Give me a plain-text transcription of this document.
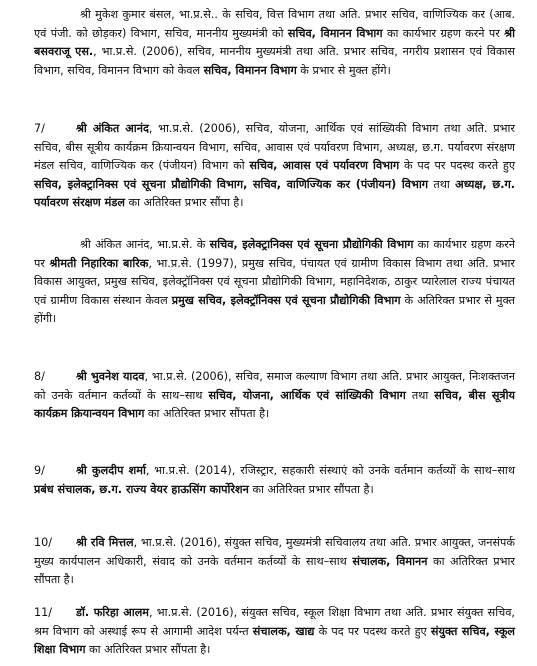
श्री मुकेश कुमार बंसल, भा.प्र.से.. के सचिव, वित्त विभाग तथा अति. प्रभार सचिव, वाणिज्यिक कर (आब. एवं पंजी. को छोड़कर) विभाग, सचिव, माननीय मुख्यमंत्री को सचिव, विमानन विभाग का कार्यभार ग्रहण करने पर श्री बसवराजू एस., भा.प्र.से. (2006), सचिव, माननीय मुख्यमंत्री तथा अति. प्रभार सचिव, नगरीय प्रशासन एवं विकास विभाग, सचिव, विमानन विभाग को केवल सचिव, विमानन विभाग के प्रभार से मुक्त होंगे।

7/	श्री अंकित आनंद, भा.प्र.से. (2006), सचिव, योजना, आर्थिक एवं सांख्यिकी विभाग तथा अति. प्रभार सचिव, बीस सूत्रीय कार्यक्रम क्रियान्वयन विभाग, सचिव, आवास एवं पर्यावरण विभाग, अध्यक्ष, छ.ग. पर्यावरण संरक्षण मंडल सचिव, वाणिज्यिक कर (पंजीयन) विभाग को सचिव, आवास एवं पर्यावरण विभाग के पद पर पदस्थ करते हुए सचिव, इलेक्ट्रानिक्स एवं सूचना प्रौद्योगिकी विभाग, सचिव, वाणिज्यिक कर (पंजीयन) विभाग तथा अध्यक्ष, छ.ग. पर्यावरण संरक्षण मंडल का अतिरिक्त प्रभार सौंपा है।

श्री अंकित आनंद, भा.प्र.से. के सचिव, इलेक्ट्रानिक्स एवं सूचना प्रौद्योगिकी विभाग का कार्यभार ग्रहण करने पर श्रीमती निहारिका बारिक, भा.प्र.से. (1997), प्रमुख सचिव, पंचायत एवं ग्रामीण विकास विभाग तथा अति. प्रभार विकास आयुक्त, प्रमुख सचिव, इलेक्ट्रॉनिक्स एवं सूचना प्रौद्योगिकी विभाग, महानिदेशक, ठाकुर प्यारेलाल राज्य पंचायत एवं ग्रामीण विकास संस्थान केवल प्रमुख सचिव, इलेक्ट्रॉनिक्स एवं सूचना प्रौद्योगिकी विभाग के अतिरिक्त प्रभार से मुक्त होंगी।

8/	श्री भुवनेश यादव, भा.प्र.से. (2006), सचिव, समाज कल्याण विभाग तथा अति. प्रभार आयुक्त, निःशक्तजन को उनके वर्तमान कर्तव्यों के साथ–साथ सचिव, योजना, आर्थिक एवं सांख्यिकी विभाग तथा सचिव, बीस सूत्रीय कार्यक्रम क्रियान्वयन विभाग का अतिरिक्त प्रभार सौंपता है।

9/	श्री कुलदीप शर्मा, भा.प्र.से. (2014), रजिस्ट्रार, सहकारी संस्थाएं को उनके वर्तमान कर्तव्यों के साथ–साथ प्रबंध संचालक, छ.ग. राज्य वेयर हाऊसिंग कार्पोरेशन का अतिरिक्त प्रभार सौंपता है।

10/ श्री रवि मित्तल, भा.प्र.से. (2016), संयुक्त सचिव, मुख्यमंत्री सचिवालय तथा अति. प्रभार आयुक्त, जनसंपर्क मुख्य कार्यपालन अधिकारी, संवाद को उनके वर्तमान कर्तव्यों के साथ–साथ संचालक, विमानन का अतिरिक्त प्रभार सौंपता है।

11/ डॉ. फरिहा आलम, भा.प्र.से. (2016), संयुक्त सचिव, स्कूल शिक्षा विभाग तथा अति. प्रभार संयुक्त सचिव, श्रम विभाग को अस्थाई रूप से आगामी आदेश पर्यन्त संचालक, खाद्य के पद पर पदस्थ करते हुए संयुक्त सचिव, स्कूल शिक्षा विभाग का अतिरिक्त प्रभार सौंपता है।
